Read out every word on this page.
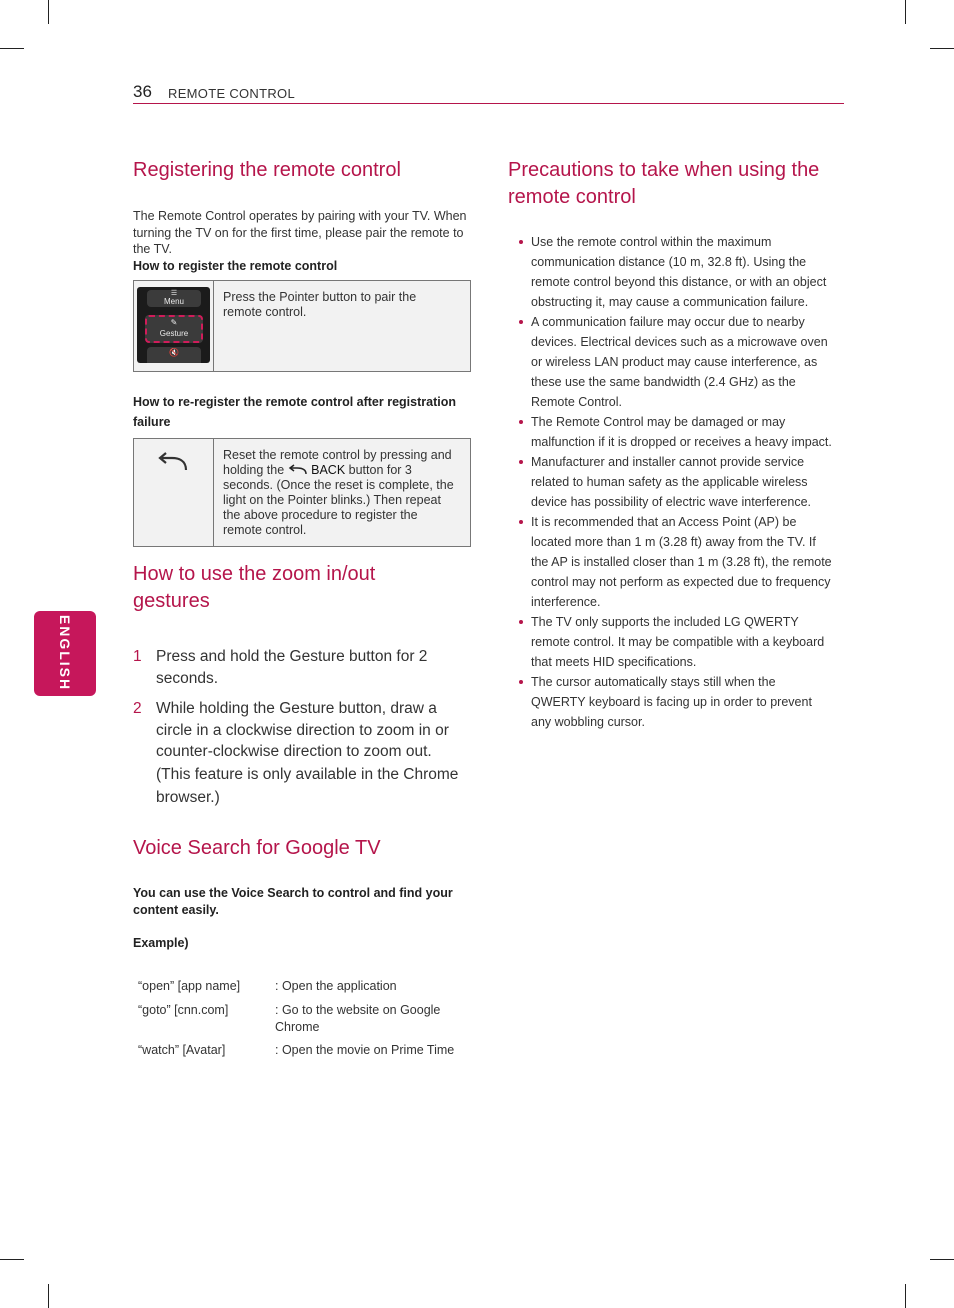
36 REMOTE CONTROL
ENGLISH
Registering the remote control
The Remote Control operates by pairing with your TV. When turning the TV on for the first time, please pair the remote to the TV.
How to register the remote control
☰
Menu
✎
Gesture
🔇
Press the Pointer button to pair the remote control.
How to re-register the remote control after registration failure
Reset the remote control by pressing and holding the  BACK button for 3 seconds. (Once the reset is complete, the light on the Pointer blinks.) Then repeat the above procedure to register the remote control.
How to use the zoom in/out gestures
1 Press and hold the Gesture button for 2 seconds.
2 While holding the Gesture button, draw a circle in a clockwise direction to zoom in or counter-clockwise direction to zoom out.
(This feature is only available in the Chrome browser.)
Voice Search for Google TV
You can use the Voice Search to control and find your content easily.
Example)
“open” [app name]	: Open the application
“goto” [cnn.com]	: Go to the website on Google Chrome
“watch” [Avatar]	: Open the movie on Prime Time
Precautions to take when using the remote control
Use the remote control within the maximum communication distance (10 m, 32.8 ft). Using the remote control beyond this distance, or with an object obstructing it, may cause a communication failure.
A communication failure may occur due to nearby devices. Electrical devices such as a microwave oven or wireless LAN product may cause interference, as these use the same bandwidth (2.4 GHz) as the Remote Control.
The Remote Control may be damaged or may malfunction if it is dropped or receives a heavy impact.
Manufacturer and installer cannot provide service related to human safety as the applicable wireless device has possibility of electric wave interference.
It is recommended that an Access Point (AP) be located more than 1 m (3.28 ft) away from the TV. If the AP is installed closer than 1 m (3.28 ft), the remote control may not perform as expected due to frequency interference.
The TV only supports the included LG QWERTY remote control. It may be compatible with a keyboard that meets HID specifications.
The cursor automatically stays still when the QWERTY keyboard is facing up in order to prevent any wobbling cursor.
